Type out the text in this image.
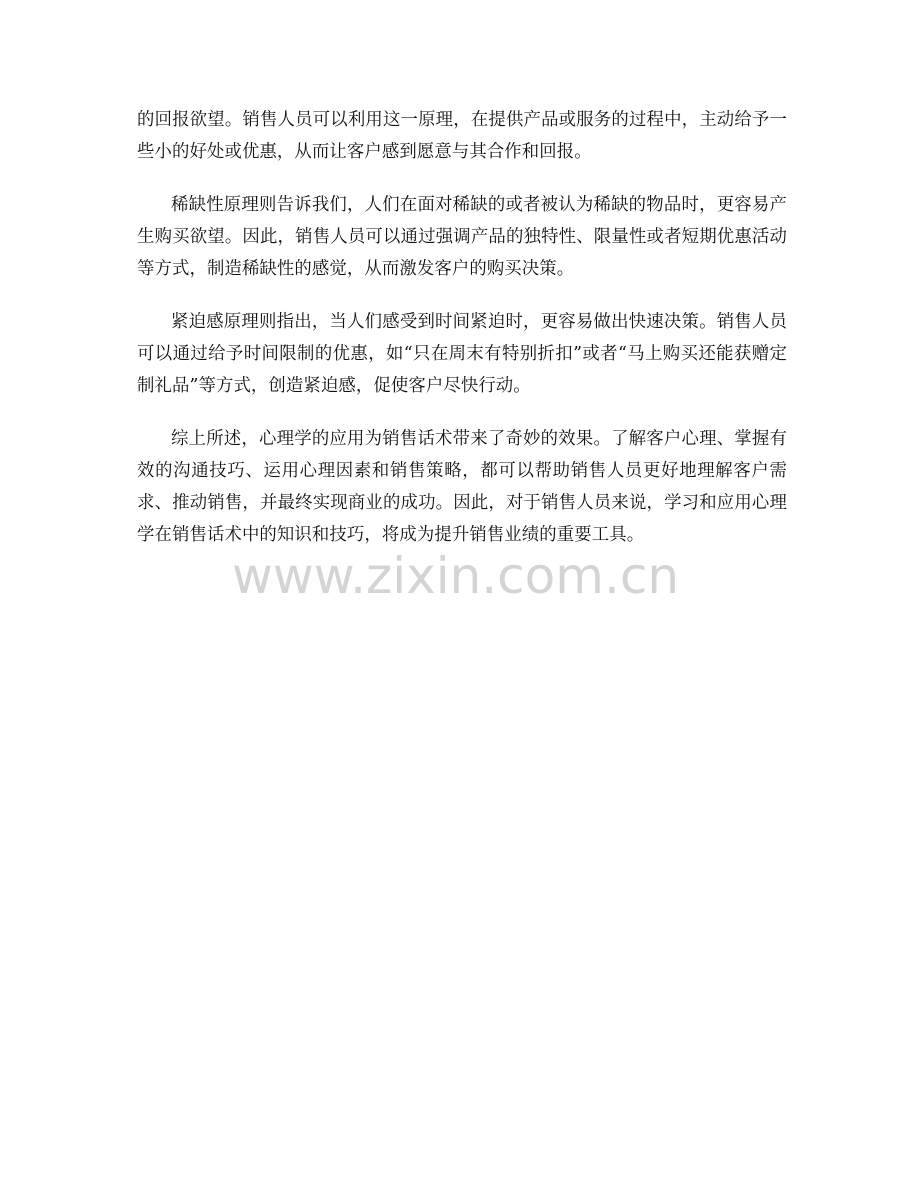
的回报欲望。销售人员可以利用这一原理，在提供产品或服务的过程中，主动给予一些小的好处或优惠，从而让客户感到愿意与其合作和回报。

稀缺性原理则告诉我们，人们在面对稀缺的或者被认为稀缺的物品时，更容易产生购买欲望。因此，销售人员可以通过强调产品的独特性、限量性或者短期优惠活动等方式，制造稀缺性的感觉，从而激发客户的购买决策。

紧迫感原理则指出，当人们感受到时间紧迫时，更容易做出快速决策。销售人员可以通过给予时间限制的优惠，如“只在周末有特别折扣”或者“马上购买还能获赠定制礼品”等方式，创造紧迫感，促使客户尽快行动。

综上所述，心理学的应用为销售话术带来了奇妙的效果。了解客户心理、掌握有效的沟通技巧、运用心理因素和销售策略，都可以帮助销售人员更好地理解客户需求、推动销售，并最终实现商业的成功。因此，对于销售人员来说，学习和应用心理学在销售话术中的知识和技巧，将成为提升销售业绩的重要工具。

www.zixin.com.cn
